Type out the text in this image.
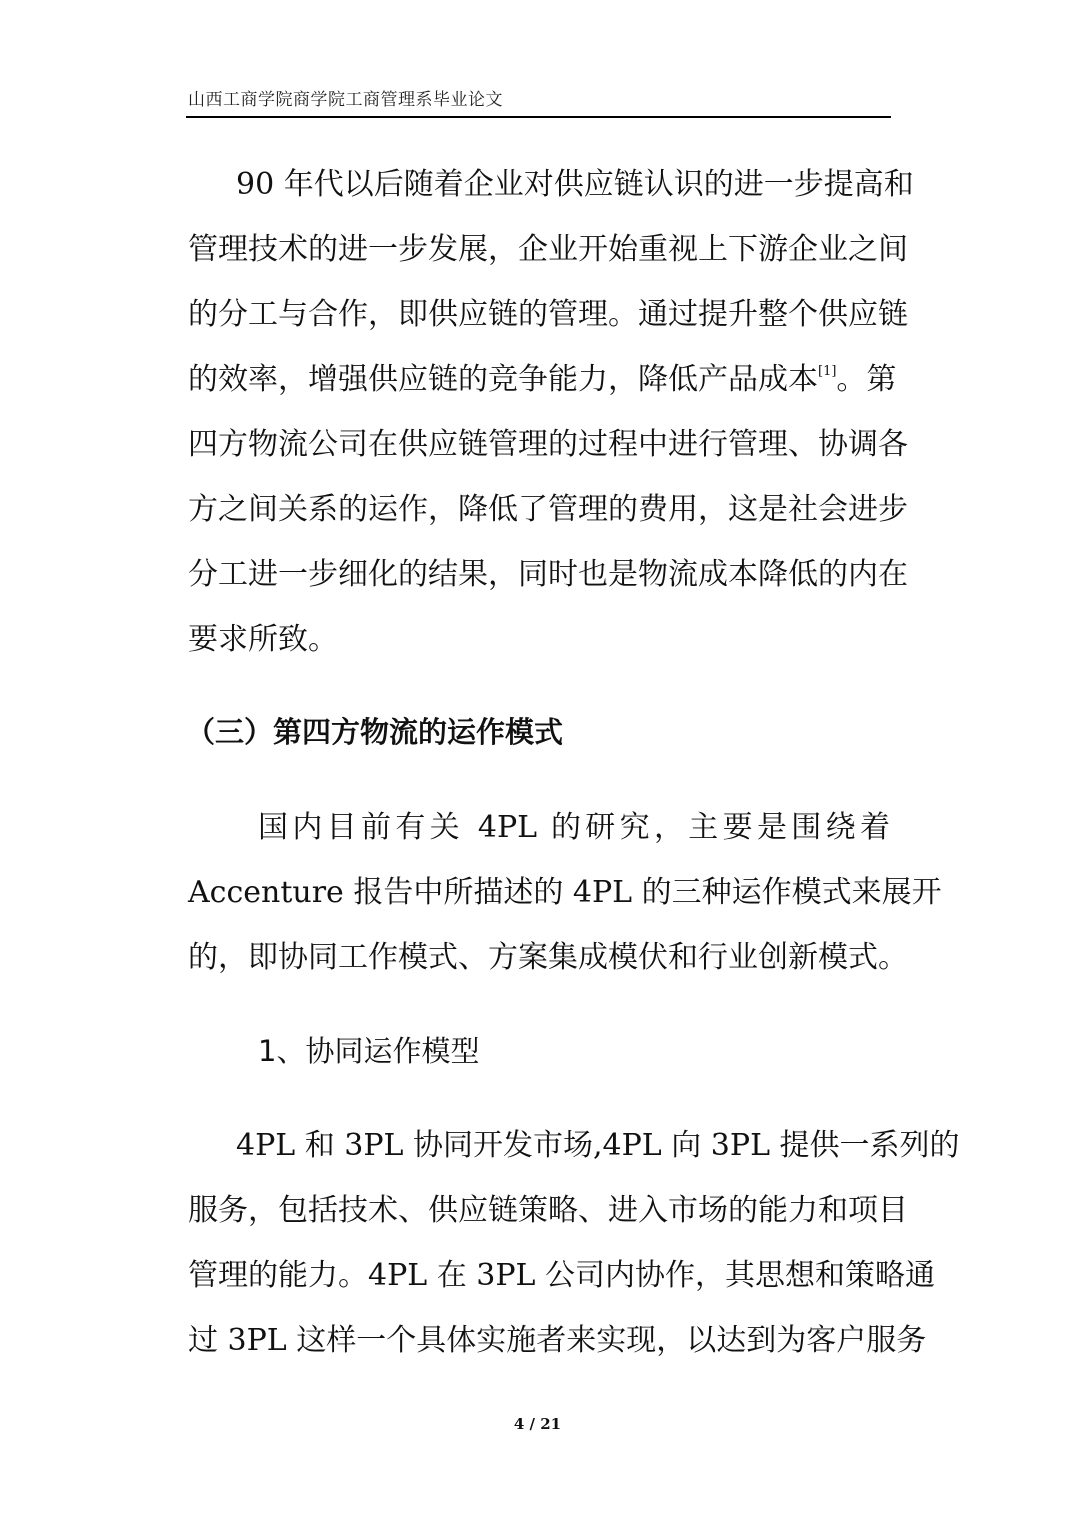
山西工商学院商学院工商管理系毕业论文
90 年代以后随着企业对供应链认识的进一步提高和
管理技术的进一步发展，企业开始重视上下游企业之间
的分工与合作，即供应链的管理。通过提升整个供应链
的效率，增强供应链的竞争能力，降低产品成本[1]。第
四方物流公司在供应链管理的过程中进行管理、协调各
方之间关系的运作，降低了管理的费用，这是社会进步
分工进一步细化的结果，同时也是物流成本降低的内在
要求所致。
（三）第四方物流的运作模式
国内目前有关 4PL 的研究，主要是围绕着
Accenture 报告中所描述的 4PL 的三种运作模式来展开
的，即协同工作模式、方案集成模伏和行业创新模式。
1、协同运作模型
4PL 和 3PL 协同开发市场,4PL 向 3PL 提供一系列的
服务，包括技术、供应链策略、进入市场的能力和项目
管理的能力。4PL 在 3PL 公司内协作，其思想和策略通
过 3PL 这样一个具体实施者来实现，以达到为客户服务
4 / 21
